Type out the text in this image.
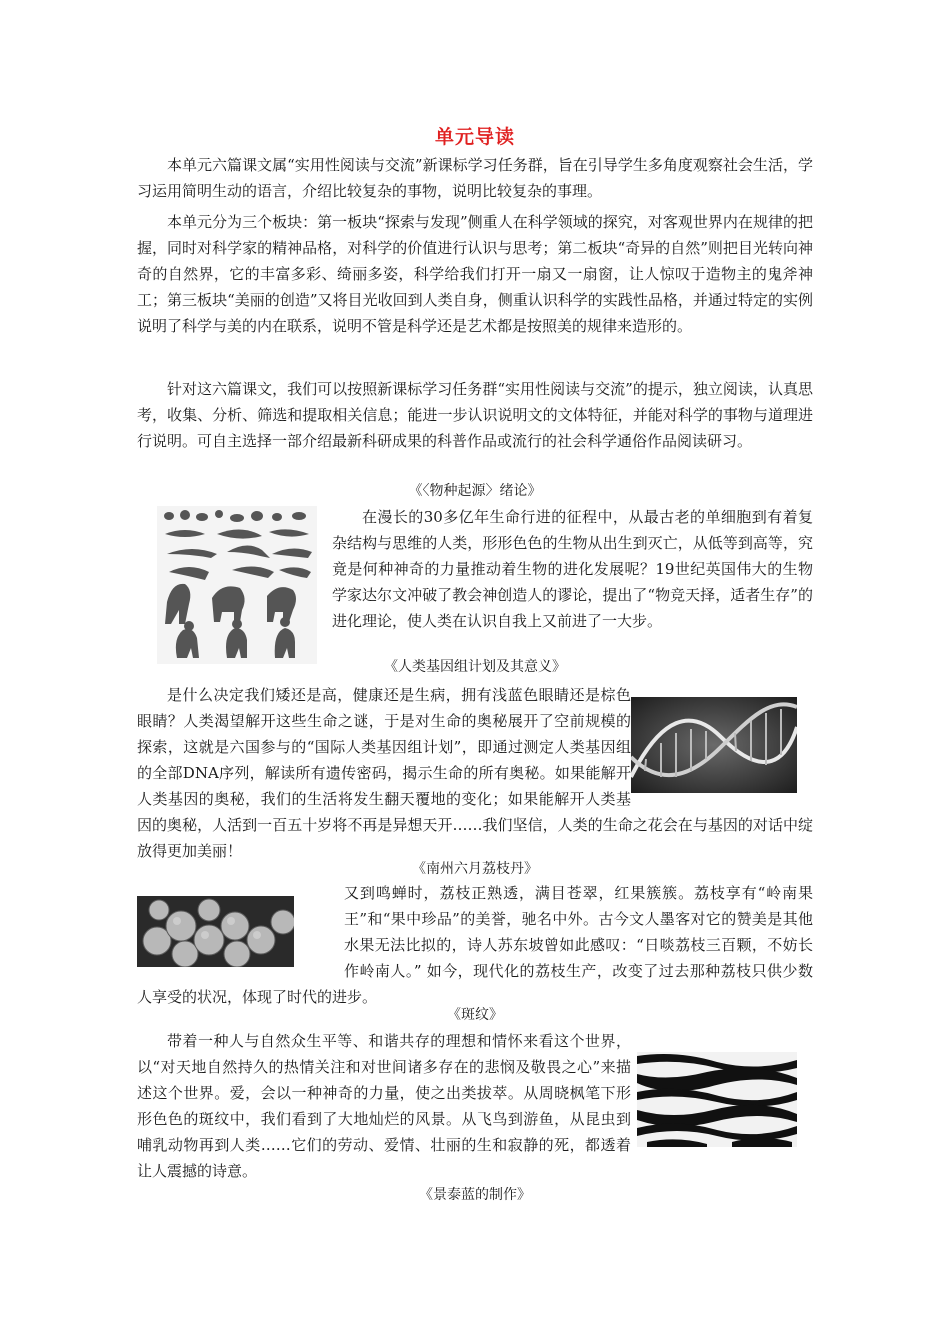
单元导读

本单元六篇课文属“实用性阅读与交流”新课标学习任务群，旨在引导学生多角度观察社会生活，学习运用简明生动的语言，介绍比较复杂的事物，说明比较复杂的事理。

本单元分为三个板块：第一板块“探索与发现”侧重人在科学领域的探究，对客观世界内在规律的把握，同时对科学家的精神品格，对科学的价值进行认识与思考；第二板块“奇异的自然”则把目光转向神奇的自然界，它的丰富多彩、绮丽多姿，科学给我们打开一扇又一扇窗，让人惊叹于造物主的鬼斧神工；第三板块“美丽的创造”又将目光收回到人类自身，侧重认识科学的实践性品格，并通过特定的实例说明了科学与美的内在联系，说明不管是科学还是艺术都是按照美的规律来造形的。

针对这六篇课文，我们可以按照新课标学习任务群“实用性阅读与交流”的提示，独立阅读，认真思考，收集、分析、筛选和提取相关信息；能进一步认识说明文的文体特征，并能对科学的事物与道理进行说明。可自主选择一部介绍最新科研成果的科普作品或流行的社会科学通俗作品阅读研习。

《〈物种起源〉绪论》

在漫长的30多亿年生命行进的征程中，从最古老的单细胞到有着复杂结构与思维的人类，形形色色的生物从出生到灭亡，从低等到高等，究竟是何种神奇的力量推动着生物的进化发展呢？19世纪英国伟大的生物学家达尔文冲破了教会神创造人的谬论，提出了“物竞天择，适者生存”的进化理论，使人类在认识自我上又前进了一大步。

《人类基因组计划及其意义》

是什么决定我们矮还是高，健康还是生病，拥有浅蓝色眼睛还是棕色眼睛？人类渴望解开这些生命之谜，于是对生命的奥秘展开了空前规模的探索，这就是六国参与的“国际人类基因组计划”，即通过测定人类基因组的全部DNA序列，解读所有遗传密码，揭示生命的所有奥秘。如果能解开人类基因的奥秘，我们的生活将发生翻天覆地的变化；如果能解开人类基因的奥秘，人活到一百五十岁将不再是异想天开……我们坚信，人类的生命之花会在与基因的对话中绽放得更加美丽！

《南州六月荔枝丹》

又到鸣蝉时，荔枝正熟透，满目苍翠，红果簇簇。荔枝享有“岭南果王”和“果中珍品”的美誉，驰名中外。古今文人墨客对它的赞美是其他水果无法比拟的，诗人苏东坡曾如此感叹：“日啖荔枝三百颗，不妨长作岭南人。” 如今，现代化的荔枝生产，改变了过去那种荔枝只供少数人享受的状况，体现了时代的进步。

《斑纹》

带着一种人与自然众生平等、和谐共存的理想和情怀来看这个世界，以“对天地自然持久的热情关注和对世间诸多存在的悲悯及敬畏之心”来描述这个世界。爱，会以一种神奇的力量，使之出类拔萃。从周晓枫笔下形形色色的斑纹中，我们看到了大地灿烂的风景。从飞鸟到游鱼，从昆虫到哺乳动物再到人类……它们的劳动、爱情、壮丽的生和寂静的死，都透着让人震撼的诗意。

《景泰蓝的制作》
